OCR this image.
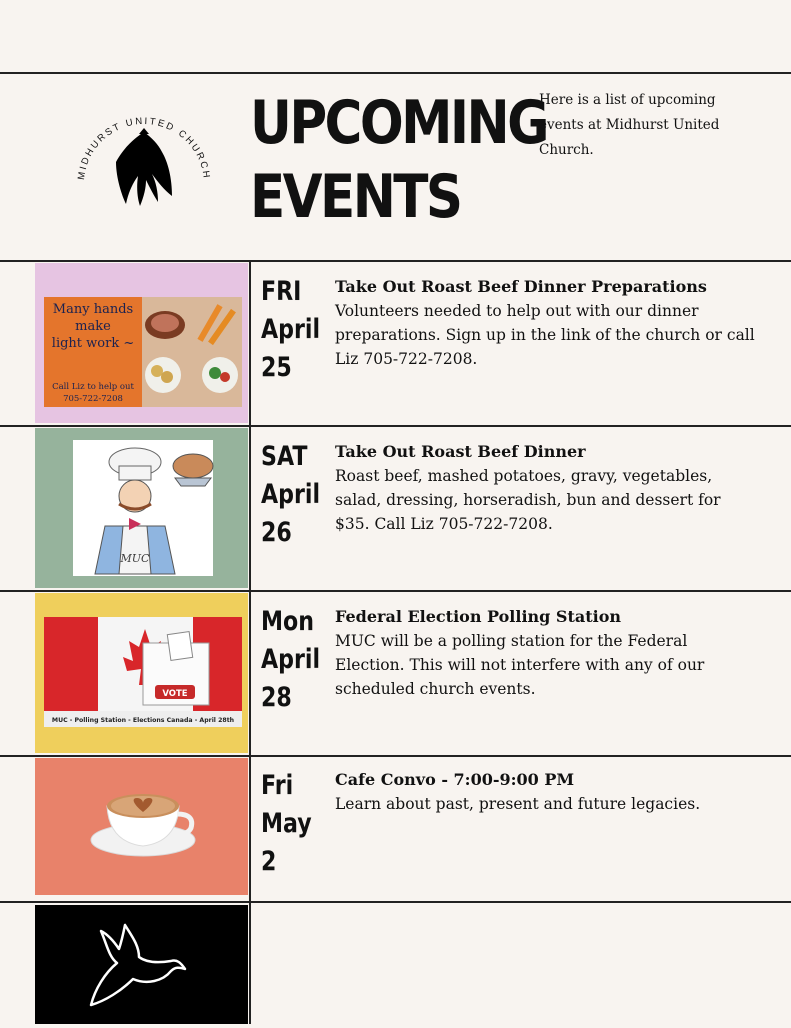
MIDHURST UNITED CHURCH
UPCOMING
EVENTS
Here is a list of upcoming events at Midhurst United Church.
Many hands
make
light work ~
Call Liz to help out
705-722-7208
FRI
April
25
Take Out Roast Beef Dinner Preparations
Volunteers needed to help out with our dinner preparations. Sign up in the link of the church or call Liz 705-722-7208.
MUC
SAT
April
26
Take Out Roast Beef Dinner
Roast beef, mashed potatoes, gravy, vegetables, salad, dressing, horseradish, bun and dessert for $35. Call Liz 705-722-7208.
VOTE
MUC - Polling Station - Elections Canada - April 28th
Mon
April
28
Federal Election Polling Station
MUC will be a polling station for the Federal Election. This will not interfere with any of our scheduled church events.
Fri
May
2
Cafe Convo - 7:00-9:00 PM
Learn about past, present and future legacies.
